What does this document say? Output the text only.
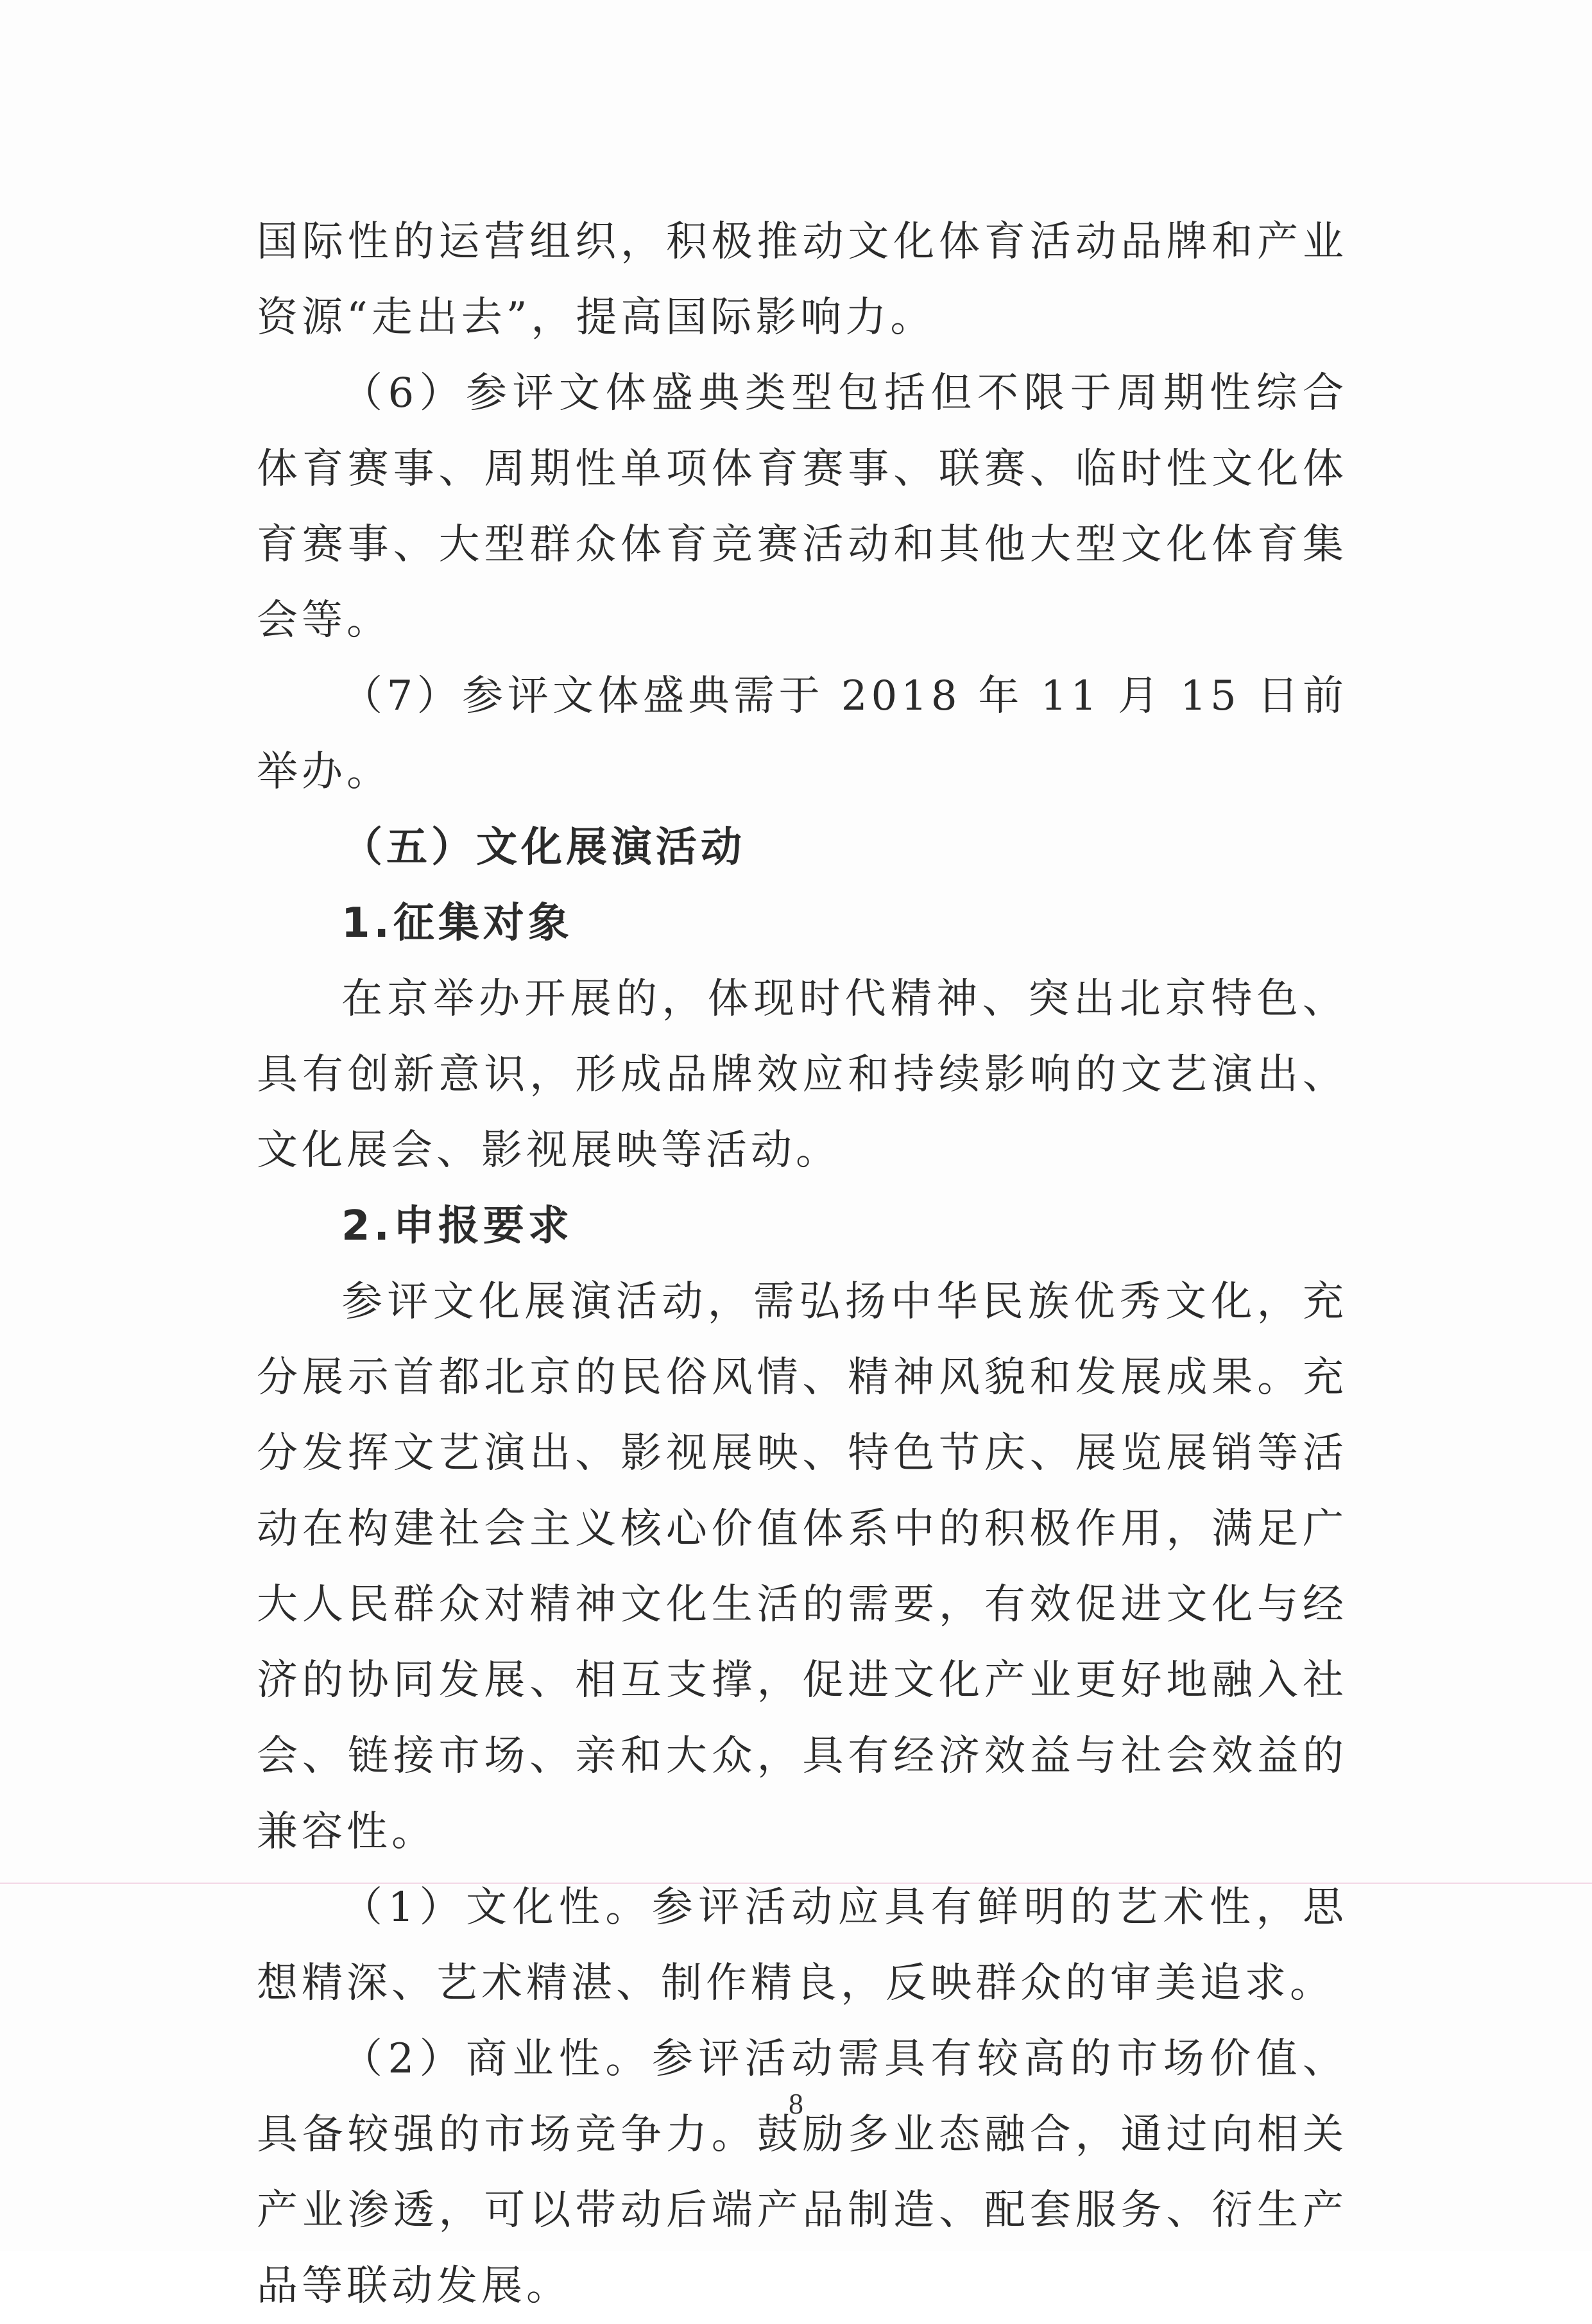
国际性的运营组织，积极推动文化体育活动品牌和产业资源“走出去”，提高国际影响力。

（6）参评文体盛典类型包括但不限于周期性综合体育赛事、周期性单项体育赛事、联赛、临时性文化体育赛事、大型群众体育竞赛活动和其他大型文化体育集会等。

（7）参评文体盛典需于 2018 年 11 月 15 日前举办。

（五）文化展演活动

1.征集对象

在京举办开展的，体现时代精神、突出北京特色、具有创新意识，形成品牌效应和持续影响的文艺演出、文化展会、影视展映等活动。

2.申报要求

参评文化展演活动，需弘扬中华民族优秀文化，充分展示首都北京的民俗风情、精神风貌和发展成果。充分发挥文艺演出、影视展映、特色节庆、展览展销等活动在构建社会主义核心价值体系中的积极作用，满足广大人民群众对精神文化生活的需要，有效促进文化与经济的协同发展、相互支撑，促进文化产业更好地融入社会、链接市场、亲和大众，具有经济效益与社会效益的兼容性。

（1）文化性。参评活动应具有鲜明的艺术性，思想精深、艺术精湛、制作精良，反映群众的审美追求。

（2）商业性。参评活动需具有较高的市场价值、具备较强的市场竞争力。鼓励多业态融合，通过向相关产业渗透，可以带动后端产品制造、配套服务、衍生产品等联动发展。

8
